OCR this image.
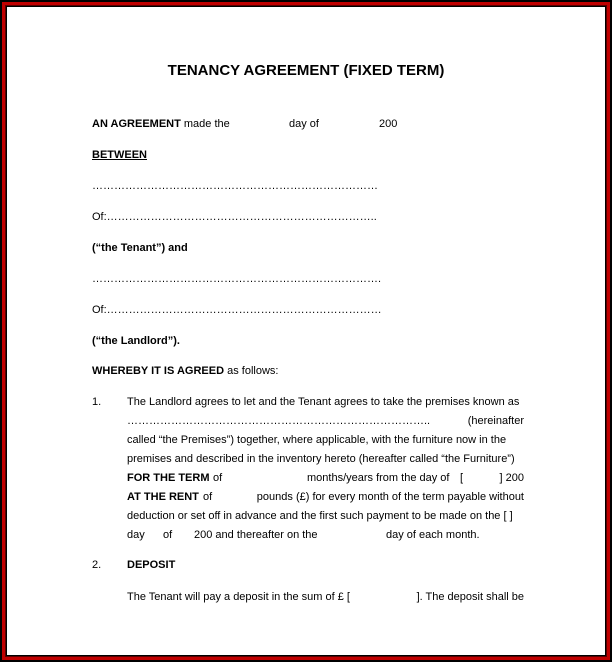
TENANCY AGREEMENT (FIXED TERM)
AN AGREEMENT made the	day of	200
BETWEEN
……………………………………………………………………
Of:………………………………………………………………..
(“the Tenant”) and
…………………………………………………………………….
Of:…………………………………………………………………
(“the Landlord”).
WHEREBY IT IS AGREED as follows:
1. The Landlord agrees to let and the Tenant agrees to take the premises known as
………………………………………………………………………..	(hereinafter
called “the Premises”) together, where applicable, with the furniture now in the
premises and described in the inventory hereto (hereafter called “the Furniture”)
FOR THE TERM of	months/years from the day of [	] 200
AT THE RENT of	pounds (£) for every month of the term payable without
deduction or set off in advance and the first such payment to be made on the [ ]
day of 200 and thereafter on the	day of each month.
2. DEPOSIT
The Tenant will pay a deposit in the sum of £ [	]. The deposit shall be
